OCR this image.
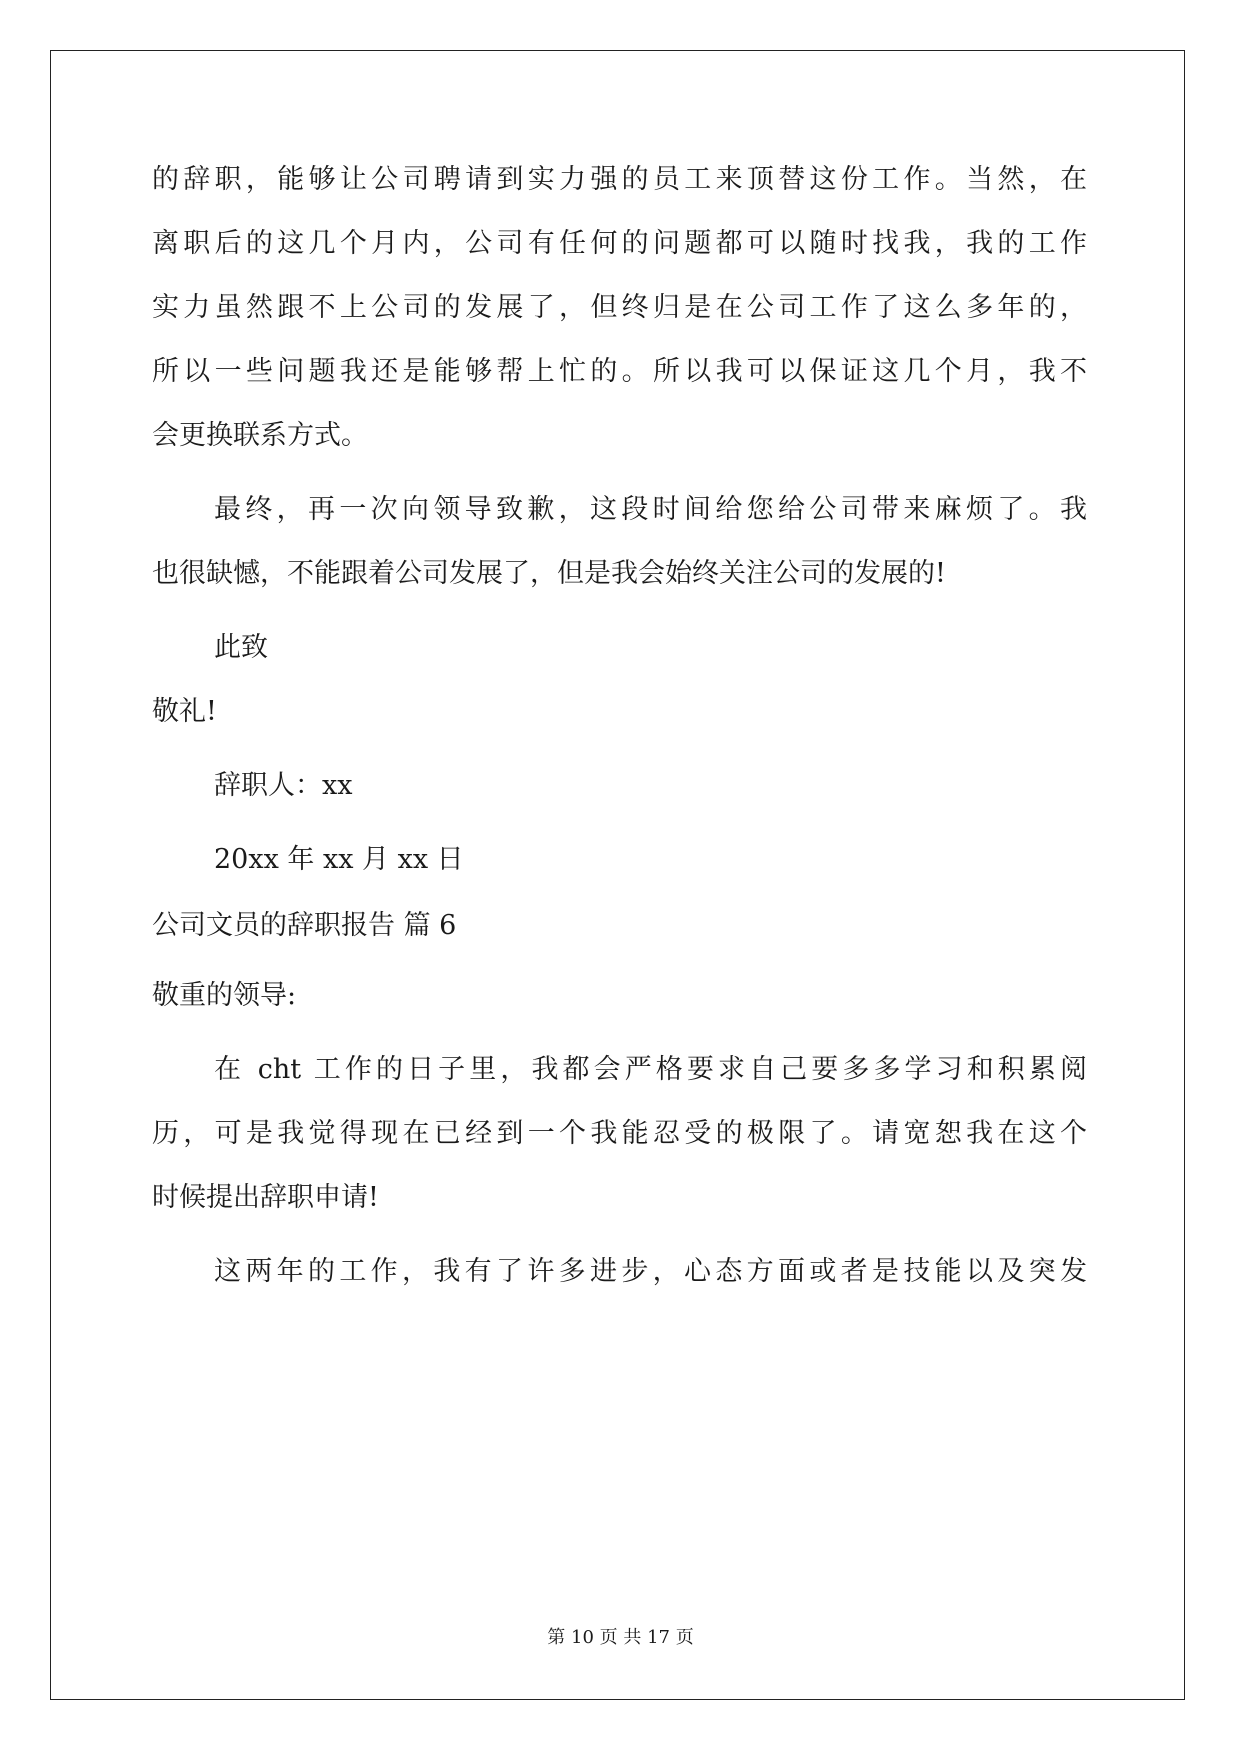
的辞职，能够让公司聘请到实力强的员工来顶替这份工作。当然，在
离职后的这几个月内，公司有任何的问题都可以随时找我，我的工作
实力虽然跟不上公司的发展了，但终归是在公司工作了这么多年的，
所以一些问题我还是能够帮上忙的。所以我可以保证这几个月，我不
会更换联系方式。
最终，再一次向领导致歉，这段时间给您给公司带来麻烦了。我
也很缺憾，不能跟着公司发展了，但是我会始终关注公司的发展的!
此致
敬礼!
辞职人：xx
20xx 年 xx 月 xx 日
公司文员的辞职报告 篇 6
敬重的领导:
在 cht 工作的日子里，我都会严格要求自己要多多学习和积累阅
历，可是我觉得现在已经到一个我能忍受的极限了。请宽恕我在这个
时候提出辞职申请!
这两年的工作，我有了许多进步，心态方面或者是技能以及突发
第 10 页 共 17 页
